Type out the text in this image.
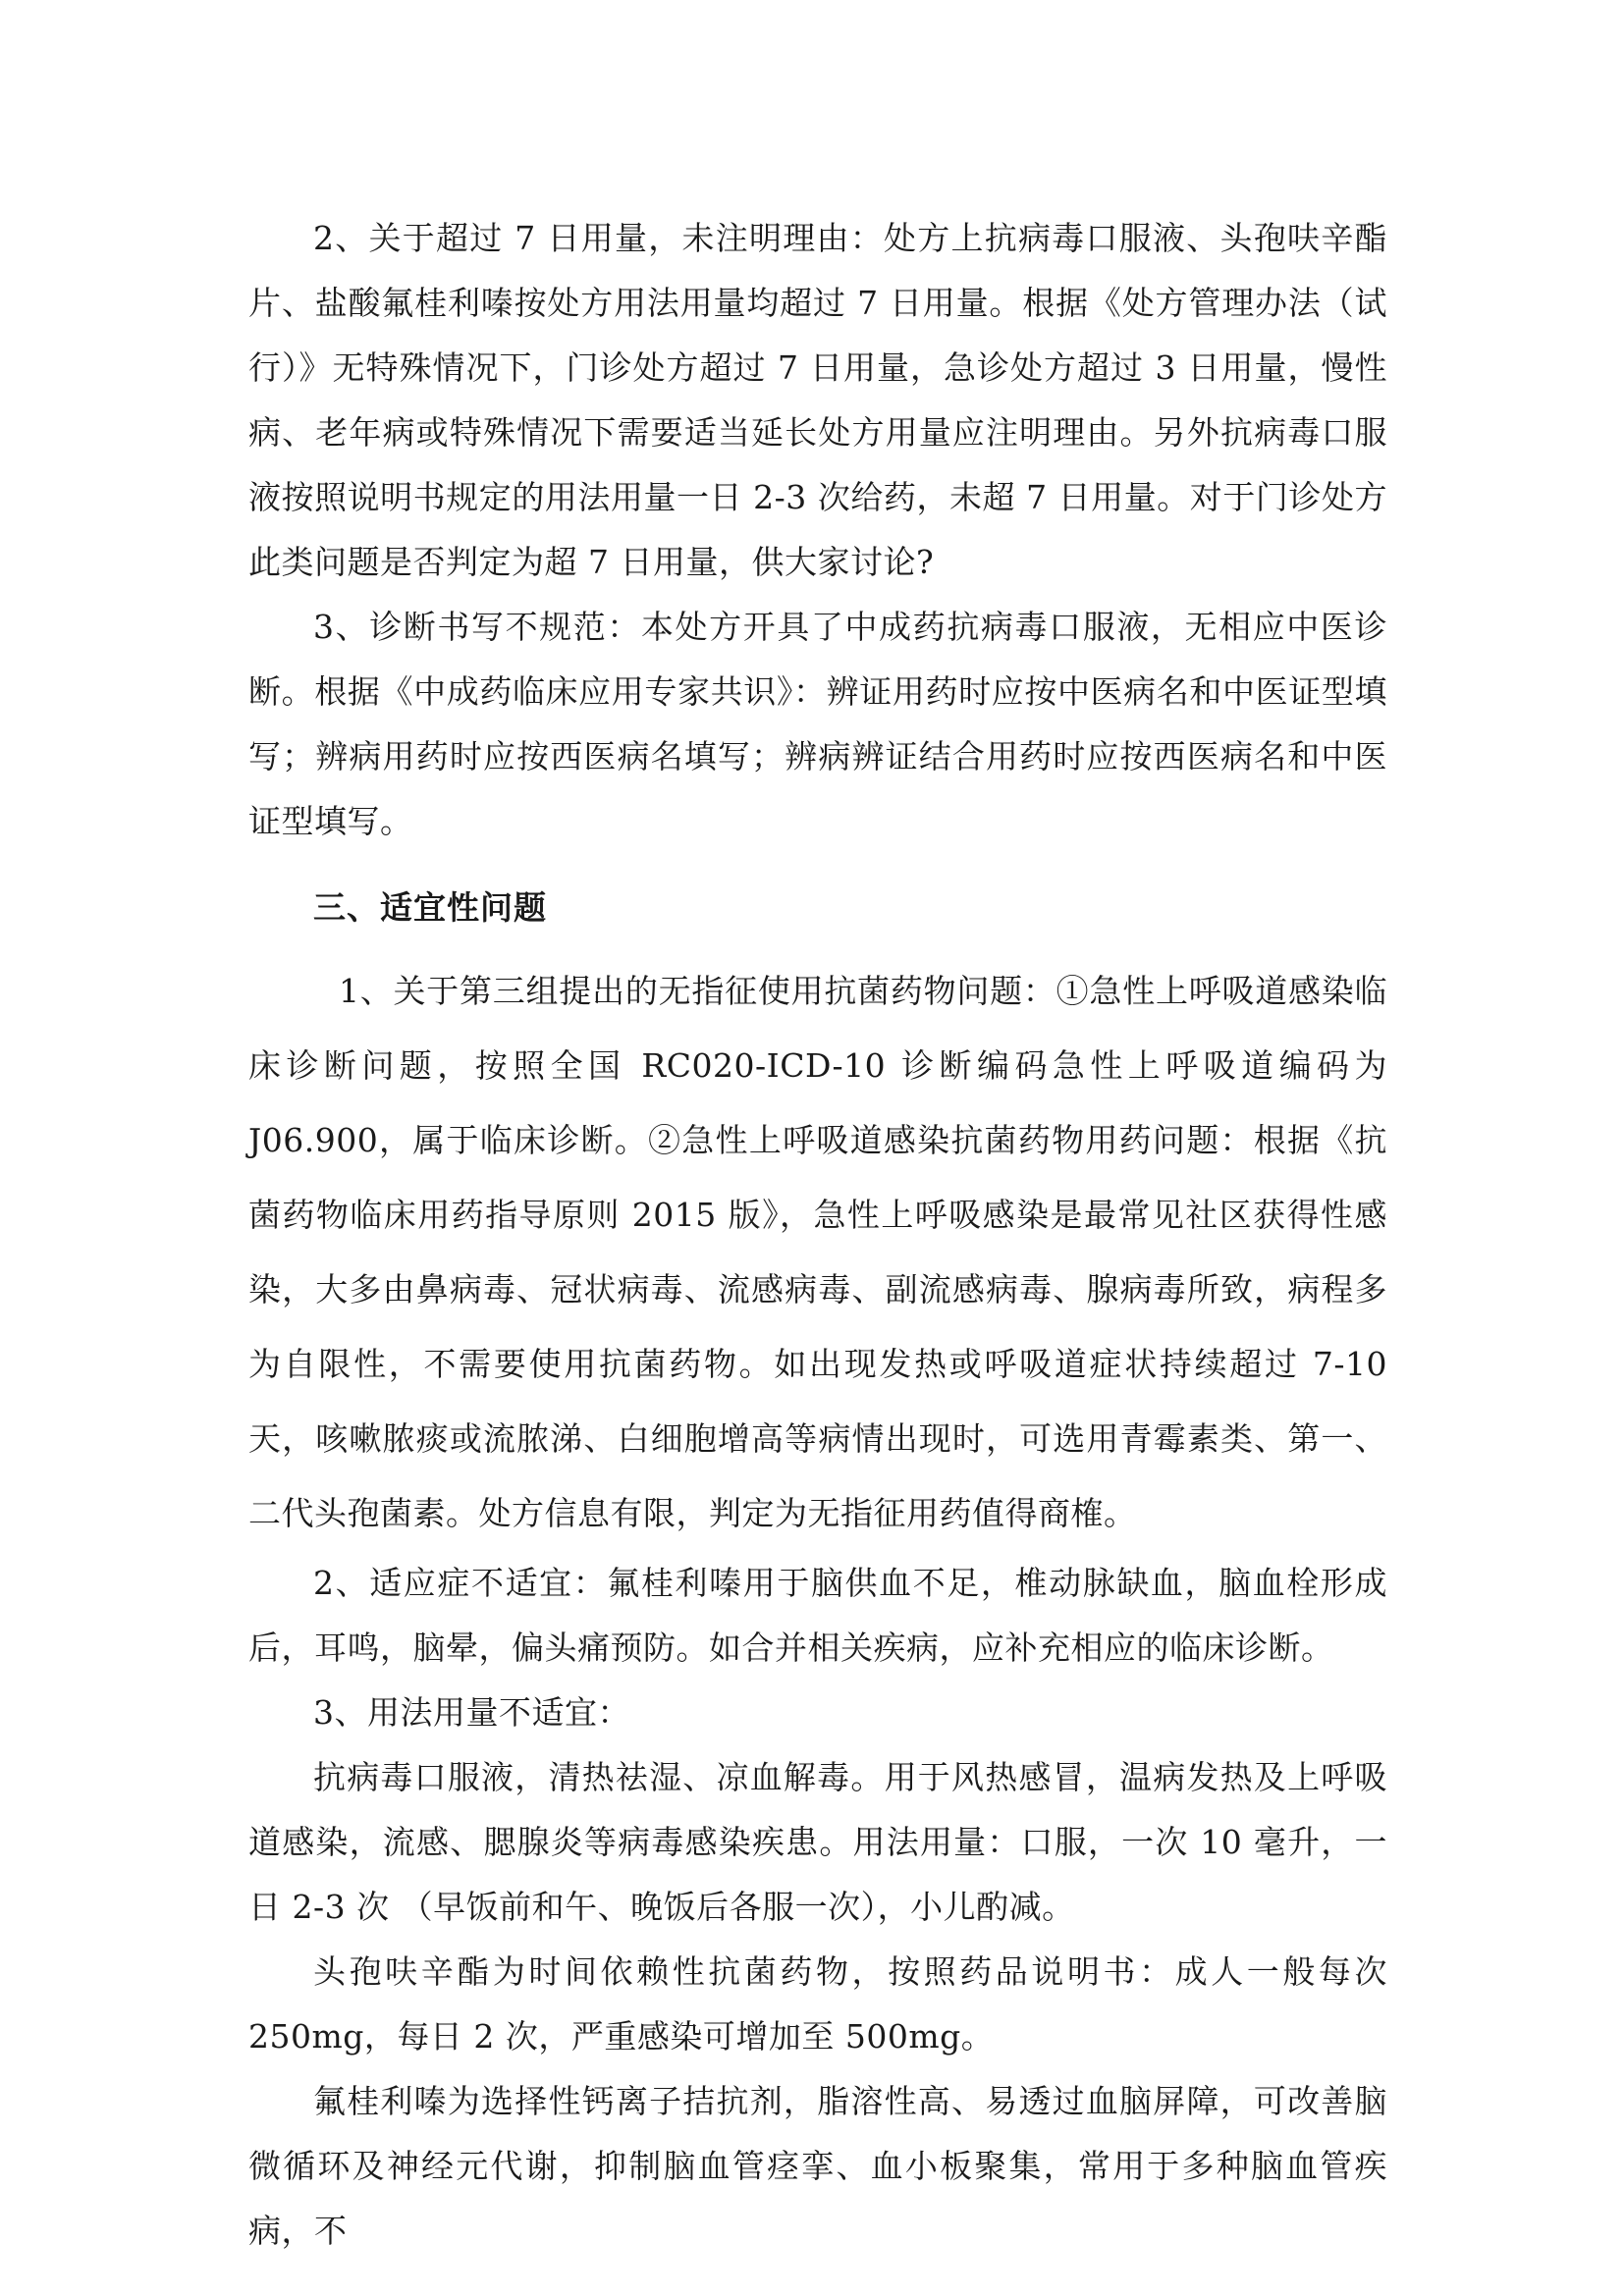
2、关于超过 7 日用量，未注明理由：处方上抗病毒口服液、头孢呋辛酯片、盐酸氟桂利嗪按处方用法用量均超过 7 日用量。根据《处方管理办法（试行）》无特殊情况下，门诊处方超过 7 日用量，急诊处方超过 3 日用量，慢性病、老年病或特殊情况下需要适当延长处方用量应注明理由。另外抗病毒口服液按照说明书规定的用法用量一日 2-3 次给药，未超 7 日用量。对于门诊处方此类问题是否判定为超 7 日用量，供大家讨论?

3、诊断书写不规范：本处方开具了中成药抗病毒口服液，无相应中医诊断。根据《中成药临床应用专家共识》：辨证用药时应按中医病名和中医证型填写；辨病用药时应按西医病名填写；辨病辨证结合用药时应按西医病名和中医证型填写。

三、适宜性问题

1、关于第三组提出的无指征使用抗菌药物问题：①急性上呼吸道感染临床诊断问题，按照全国 RC020-ICD-10 诊断编码急性上呼吸道编码为 J06.900，属于临床诊断。②急性上呼吸道感染抗菌药物用药问题：根据《抗菌药物临床用药指导原则 2015 版》，急性上呼吸感染是最常见社区获得性感染，大多由鼻病毒、冠状病毒、流感病毒、副流感病毒、腺病毒所致，病程多为自限性，不需要使用抗菌药物。如出现发热或呼吸道症状持续超过 7-10 天，咳嗽脓痰或流脓涕、白细胞增高等病情出现时，可选用青霉素类、第一、二代头孢菌素。处方信息有限，判定为无指征用药值得商榷。

2、适应症不适宜：氟桂利嗪用于脑供血不足，椎动脉缺血，脑血栓形成后，耳鸣，脑晕，偏头痛预防。如合并相关疾病，应补充相应的临床诊断。

3、用法用量不适宜：

抗病毒口服液，清热祛湿、凉血解毒。用于风热感冒，温病发热及上呼吸道感染，流感、腮腺炎等病毒感染疾患。用法用量：口服，一次 10 毫升，一日 2-3 次 （早饭前和午、晚饭后各服一次），小儿酌减。

头孢呋辛酯为时间依赖性抗菌药物，按照药品说明书：成人一般每次 250mg，每日 2 次，严重感染可增加至 500mg。

氟桂利嗪为选择性钙离子拮抗剂，脂溶性高、易透过血脑屏障，可改善脑微循环及神经元代谢，抑制脑血管痉挛、血小板聚集，常用于多种脑血管疾病，不
